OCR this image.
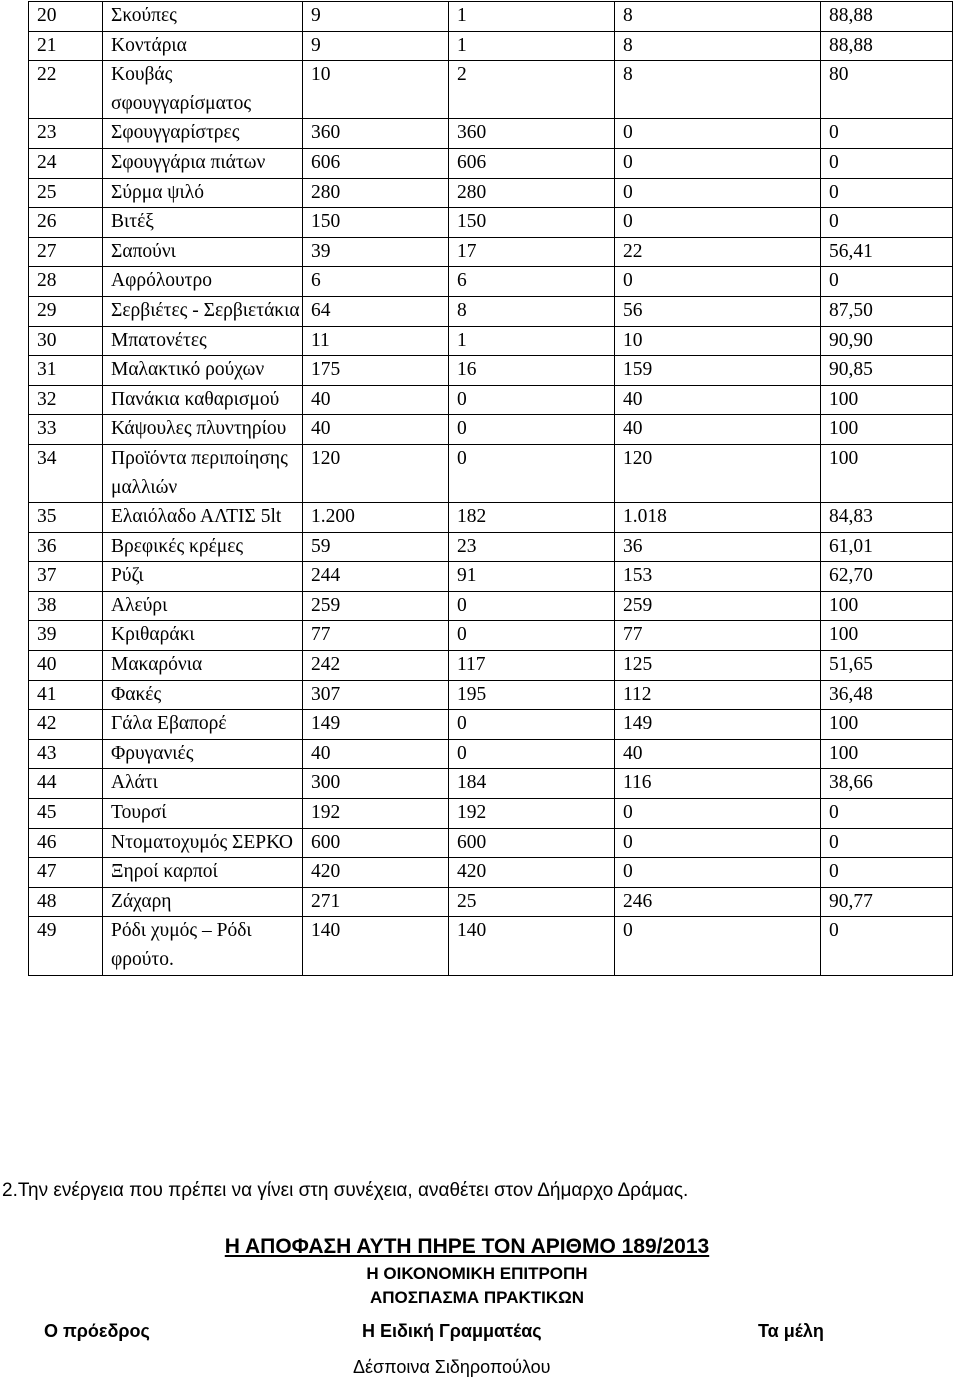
20	Σκούπες	9	1	8	88,88
21	Κοντάρια	9	1	8	88,88
22	Κουβάς σφουγγαρίσματος	10	2	8	80
23	Σφουγγαρίστρες	360	360	0	0
24	Σφουγγάρια πιάτων	606	606	0	0
25	Σύρμα ψιλό	280	280	0	0
26	Βιτέξ	150	150	0	0
27	Σαπούνι	39	17	22	56,41
28	Αφρόλουτρο	6	6	0	0
29	Σερβιέτες - Σερβιετάκια	64	8	56	87,50
30	Μπατονέτες	11	1	10	90,90
31	Μαλακτικό ρούχων	175	16	159	90,85
32	Πανάκια καθαρισμού	40	0	40	100
33	Κάψουλες πλυντηρίου	40	0	40	100
34	Προϊόντα περιποίησης μαλλιών	120	0	120	100
35	Ελαιόλαδο ΑΛΤΙΣ 5lt	1.200	182	1.018	84,83
36	Βρεφικές κρέμες	59	23	36	61,01
37	Ρύζι	244	91	153	62,70
38	Αλεύρι	259	0	259	100
39	Κριθαράκι	77	0	77	100
40	Μακαρόνια	242	117	125	51,65
41	Φακές	307	195	112	36,48
42	Γάλα Εβαπορέ	149	0	149	100
43	Φρυγανιές	40	0	40	100
44	Αλάτι	300	184	116	38,66
45	Τουρσί	192	192	0	0
46	Ντοματοχυμός ΣΕΡΚΟ	600	600	0	0
47	Ξηροί καρποί	420	420	0	0
48	Ζάχαρη	271	25	246	90,77
49	Ρόδι χυμός – Ρόδι φρούτο.	140	140	0	0
2.Την ενέργεια που πρέπει να γίνει στη συνέχεια, αναθέτει στον Δήμαρχο Δράμας.
Η ΑΠΟΦΑΣΗ ΑΥΤΗ ΠΗΡΕ ΤΟΝ ΑΡΙΘΜΟ 189/2013
Η ΟΙΚΟΝΟΜΙΚΗ ΕΠΙΤΡΟΠΗ
ΑΠΟΣΠΑΣΜΑ ΠΡΑΚΤΙΚΩΝ
Ο πρόεδρος	Η Ειδική Γραμματέας	Τα μέλη
Δέσποινα Σιδηροπούλου
